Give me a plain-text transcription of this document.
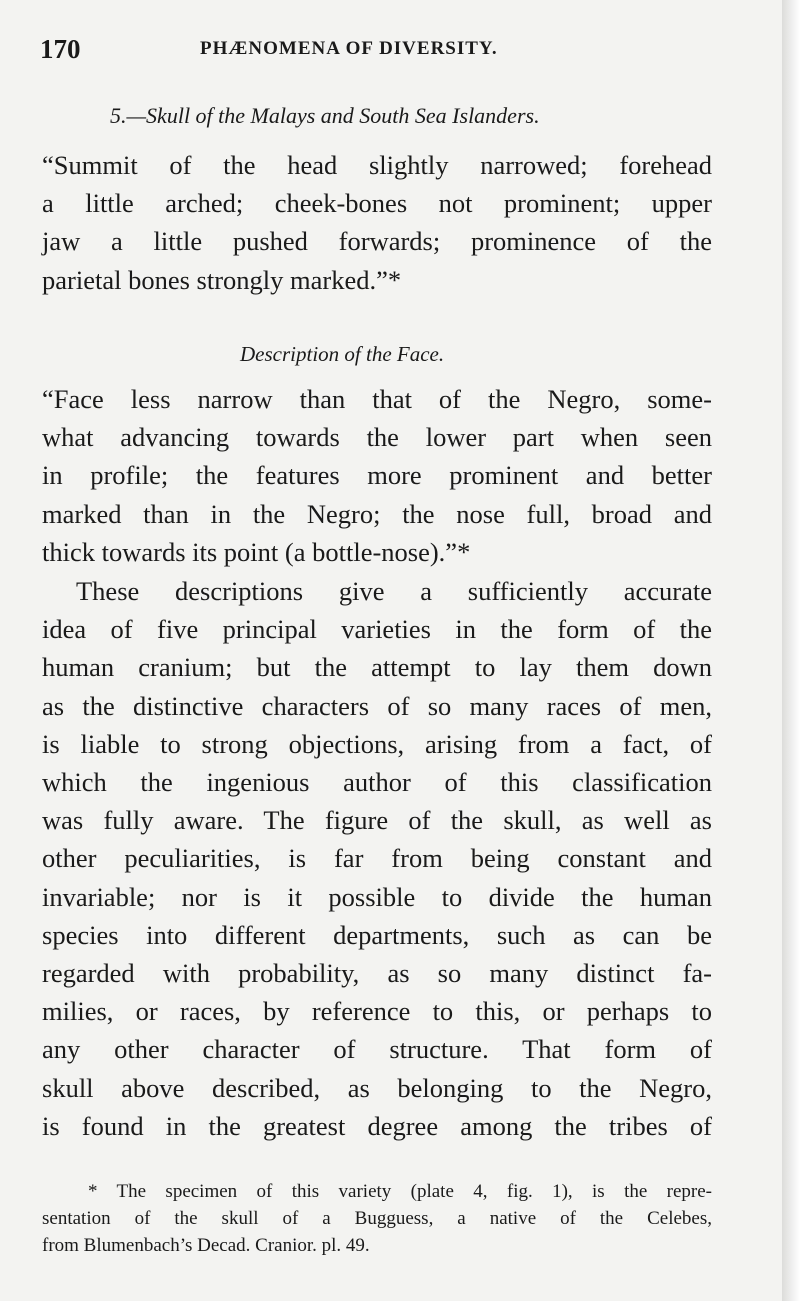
170	PHÆNOMENA OF DIVERSITY.
5.—Skull of the Malays and South Sea Islanders.

“Summit of the head slightly narrowed; forehead
a little arched; cheek-bones not prominent; upper
jaw a little pushed forwards; prominence of the
parietal bones strongly marked.”*

Description of the Face.

“Face less narrow than that of the Negro, some-
what advancing towards the lower part when seen
in profile; the features more prominent and better
marked than in the Negro; the nose full, broad and
thick towards its point (a bottle-nose).”*

These descriptions give a sufficiently accurate
idea of five principal varieties in the form of the
human cranium; but the attempt to lay them down
as the distinctive characters of so many races of men,
is liable to strong objections, arising from a fact, of
which the ingenious author of this classification
was fully aware. The figure of the skull, as well as
other peculiarities, is far from being constant and
invariable; nor is it possible to divide the human
species into different departments, such as can be
regarded with probability, as so many distinct fa-
milies, or races, by reference to this, or perhaps to
any other character of structure. That form of
skull above described, as belonging to the Negro,
is found in the greatest degree among the tribes of

* The specimen of this variety (plate 4, fig. 1), is the repre-
sentation of the skull of a Bugguess, a native of the Celebes,
from Blumenbach’s Decad. Cranior. pl. 49.
